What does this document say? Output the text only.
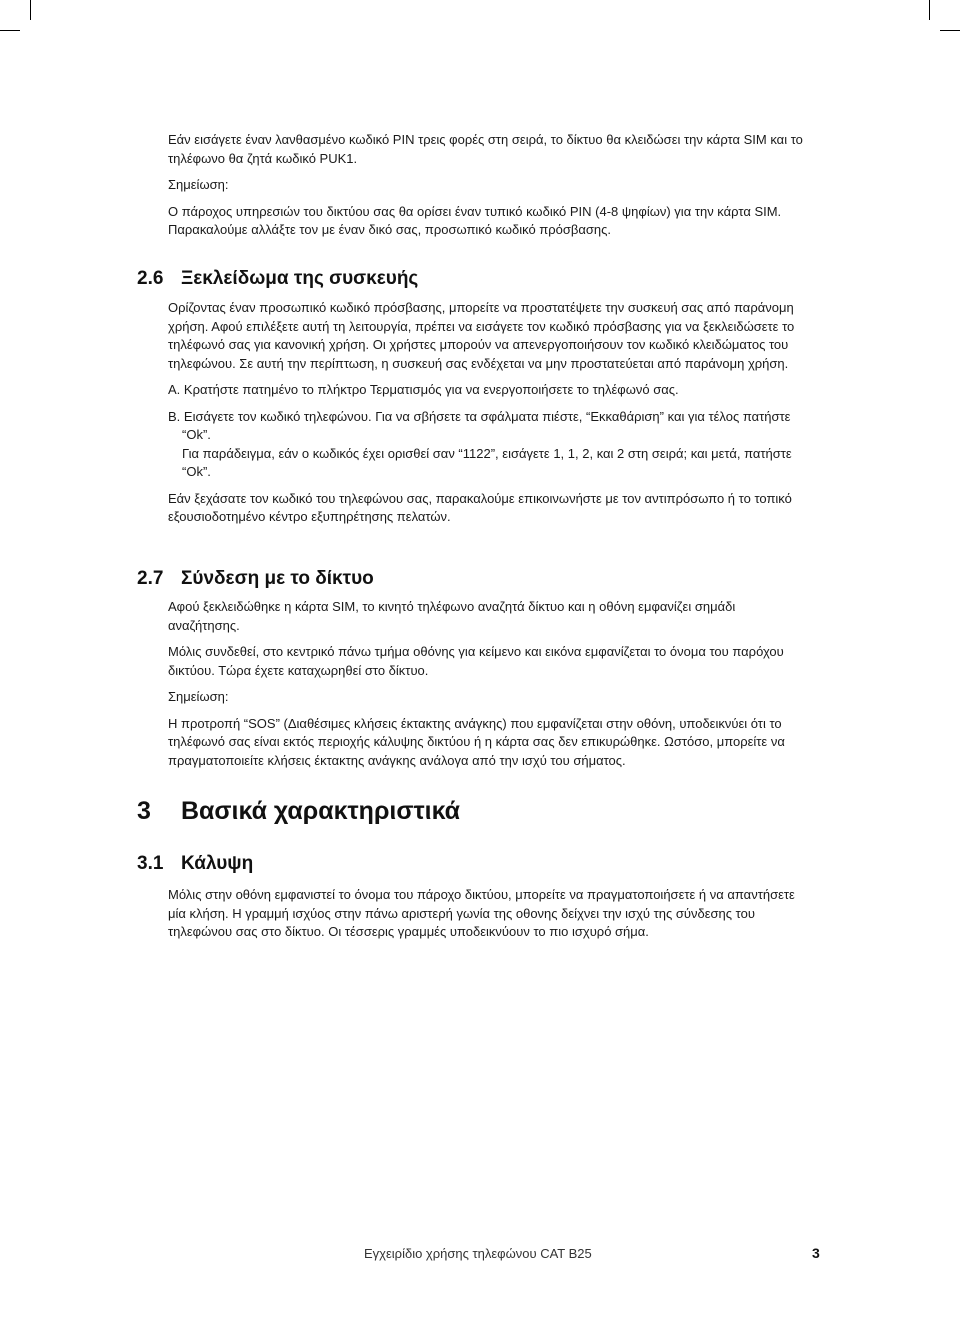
Εάν εισάγετε έναν λανθασμένο κωδικό PIN τρεις φορές στη σειρά, το δίκτυο θα κλειδώσει την κάρτα SIM και το τηλέφωνο θα ζητά κωδικό PUK1.

Σημείωση:

Ο πάροχος υπηρεσιών του δικτύου σας θα ορίσει έναν τυπικό κωδικό PIN (4-8 ψηφίων) για την κάρτα SIM. Παρακαλούμε αλλάξτε τον με έναν δικό σας, προσωπικό κωδικό πρόσβασης.

2.6 Ξεκλείδωμα της συσκευής

Ορίζοντας έναν προσωπικό κωδικό πρόσβασης, μπορείτε να προστατέψετε την συσκευή σας από παράνομη χρήση. Αφού επιλέξετε αυτή τη λειτουργία, πρέπει να εισάγετε τον κωδικό πρόσβασης για να ξεκλειδώσετε το τηλέφωνό σας για κανονική χρήση. Οι χρήστες μπορούν να απενεργοποιήσουν τον κωδικό κλειδώματος του τηλεφώνου. Σε αυτή την περίπτωση, η συσκευή σας ενδέχεται να μην προστατεύεται από παράνομη χρήση.

A. Κρατήστε πατημένο το πλήκτρο Τερματισμός για να ενεργοποιήσετε το τηλέφωνό σας.

B. Εισάγετε τον κωδικό τηλεφώνου. Για να σβήσετε τα σφάλματα πιέστε, “Εκκαθάριση” και για τέλος πατήστε “Ok”.

Για παράδειγμα, εάν ο κωδικός έχει ορισθεί σαν “1122”, εισάγετε 1, 1, 2, και 2 στη σειρά; και μετά, πατήστε “Ok”.

Εάν ξεχάσατε τον κωδικό του τηλεφώνου σας, παρακαλούμε επικοινωνήστε με τον αντιπρόσωπο ή το τοπικό εξουσιοδοτημένο κέντρο εξυπηρέτησης πελατών.

2.7 Σύνδεση με το δίκτυο

Αφού ξεκλειδώθηκε η κάρτα SIM, το κινητό τηλέφωνο αναζητά δίκτυο και η οθόνη εμφανίζει σημάδι αναζήτησης.

Μόλις συνδεθεί, στο κεντρικό πάνω τμήμα οθόνης για κείμενο και εικόνα εμφανίζεται το όνομα του παρόχου δικτύου. Τώρα έχετε καταχωρηθεί στο δίκτυο.

Σημείωση:

Η προτροπή “SOS” (Διαθέσιμες κλήσεις έκτακτης ανάγκης) που εμφανίζεται στην οθόνη, υποδεικνύει ότι το τηλέφωνό σας είναι εκτός περιοχής κάλυψης δικτύου ή η κάρτα σας δεν επικυρώθηκε. Ωστόσο, μπορείτε να πραγματοποιείτε κλήσεις έκτακτης ανάγκης ανάλογα από την ισχύ του σήματος.

3 Βασικά χαρακτηριστικά
3.1 Κάλυψη

Μόλις στην οθόνη εμφανιστεί το όνομα του πάροχο δικτύου, μπορείτε να πραγματοποιήσετε ή να απαντήσετε μία κλήση. Η γραμμή ισχύος στην πάνω αριστερή γωνία της οθονης δείχνει την ισχύ της σύνδεσης του τηλεφώνου σας στο δίκτυο. Οι τέσσερις γραμμές υποδεικνύουν το πιο ισχυρό σήμα.

Εγχειρίδιο χρήσης τηλεφώνου CAT B25	3
